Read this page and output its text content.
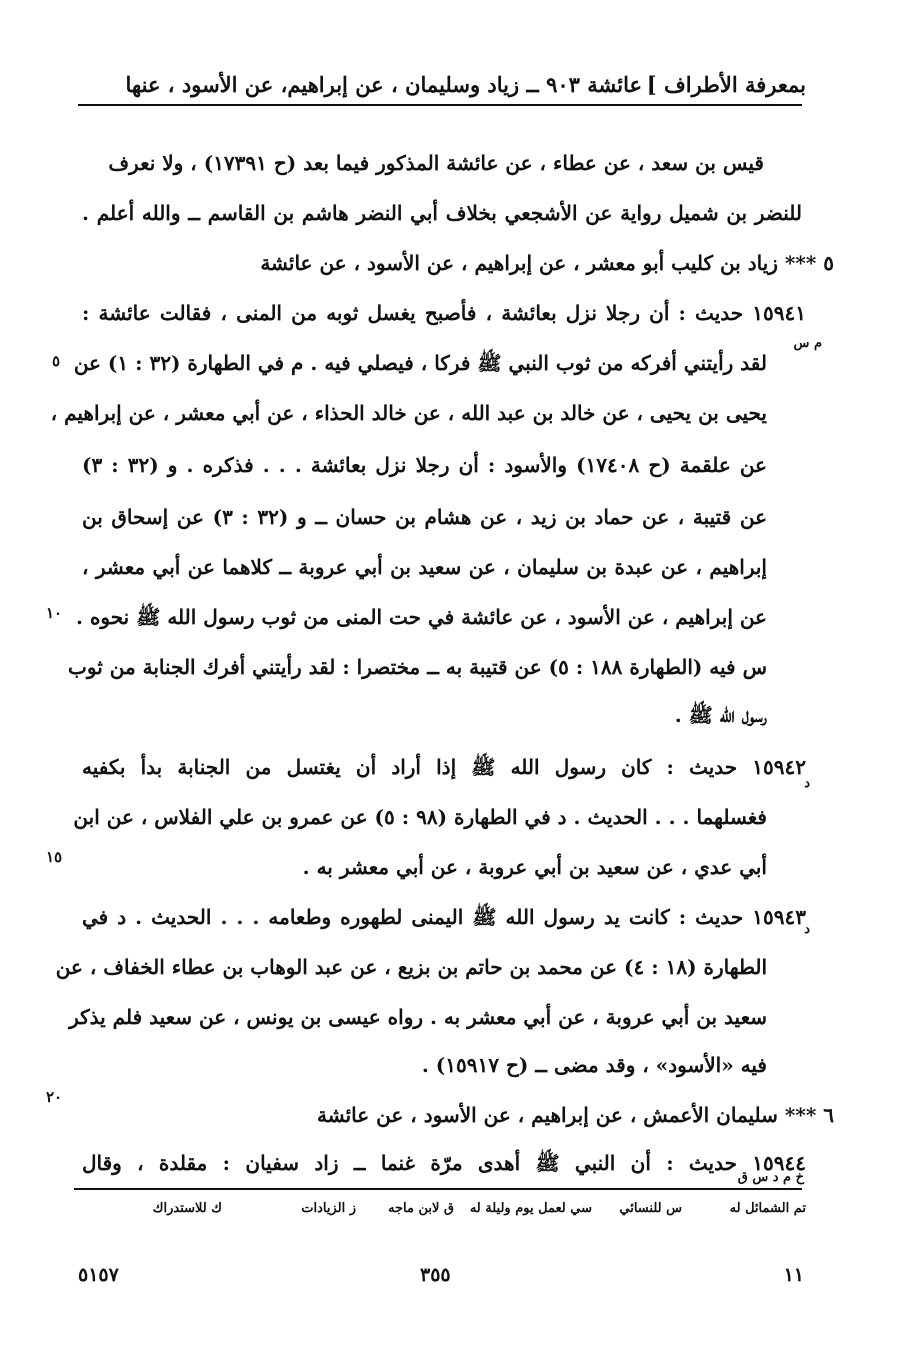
بمعرفة الأطراف ]
عائشة ٩٠٣ ــ زياد وسليمان ، عن إبراهيم، عن الأسود ، عنها
قيس بن سعد ، عن عطاء ، عن عائشة المذكور فيما بعد (ح ١٧٣٩١) ، ولا نعرف
للنضر بن شميل رواية عن الأشجعي بخلاف أبي النضر هاشم بن القاسم ــ والله أعلم .
٥ *** زياد بن كليب أبو معشر ، عن إبراهيم ، عن الأسود ، عن عائشة
١٥٩٤١ حديث : أن رجلا نزل بعائشة ، فأصبح يغسل ثوبه من المنى ، فقالت عائشة :
لقد رأيتني أفركه من ثوب النبي ﷺ فركا ، فيصلي فيه . م في الطهارة (٣٢ : ١) عن
يحيى بن يحيى ، عن خالد بن عبد الله ، عن خالد الحذاء ، عن أبي معشر ، عن إبراهيم ،
عن علقمة (ح ١٧٤٠٨) والأسود : أن رجلا نزل بعائشة . . . فذكره . و (٣٢ : ٣)
عن قتيبة ، عن حماد بن زيد ، عن هشام بن حسان ــ و (٣٢ : ٣) عن إسحاق بن
إبراهيم ، عن عبدة بن سليمان ، عن سعيد بن أبي عروبة ــ كلاهما عن أبي معشر ،
عن إبراهيم ، عن الأسود ، عن عائشة في حت المنى من ثوب رسول الله ﷺ نحوه .
س فيه (الطهارة ١٨٨ : ٥) عن قتيبة به ــ مختصرا : لقد رأيتني أفرك الجنابة من ثوب
رسول الله ﷺ .
١٥٩٤٢ حديث : كان رسول الله ﷺ إذا أراد أن يغتسل من الجنابة بدأ بكفيه
فغسلهما . . . الحديث . د في الطهارة (٩٨ : ٥) عن عمرو بن علي الفلاس ، عن ابن
أبي عدي ، عن سعيد بن أبي عروبة ، عن أبي معشر به .
١٥٩٤٣ حديث : كانت يد رسول الله ﷺ اليمنى لطهوره وطعامه . . . الحديث . د في
الطهارة (١٨ : ٤) عن محمد بن حاتم بن بزيع ، عن عبد الوهاب بن عطاء الخفاف ، عن
سعيد بن أبي عروبة ، عن أبي معشر به . رواه عيسى بن يونس ، عن سعيد فلم يذكر
فيه «الأسود» ، وقد مضى ــ (ح ١٥٩١٧) .
٦ *** سليمان الأعمش ، عن إبراهيم ، عن الأسود ، عن عائشة
١٥٩٤٤ حديث : أن النبي ﷺ أهدى مرّة غنما ــ زاد سفيان : مقلدة ، وقال
٥
١٠
١٥
٢٠
م س
د
د
خ م د س ق
تم الشمائل له
س للنسائي
سي لعمل يوم وليلة له
ق لابن ماجه
ز الزيادات
ك للاستدراك
١١
٣٥٥
٥١٥٧
